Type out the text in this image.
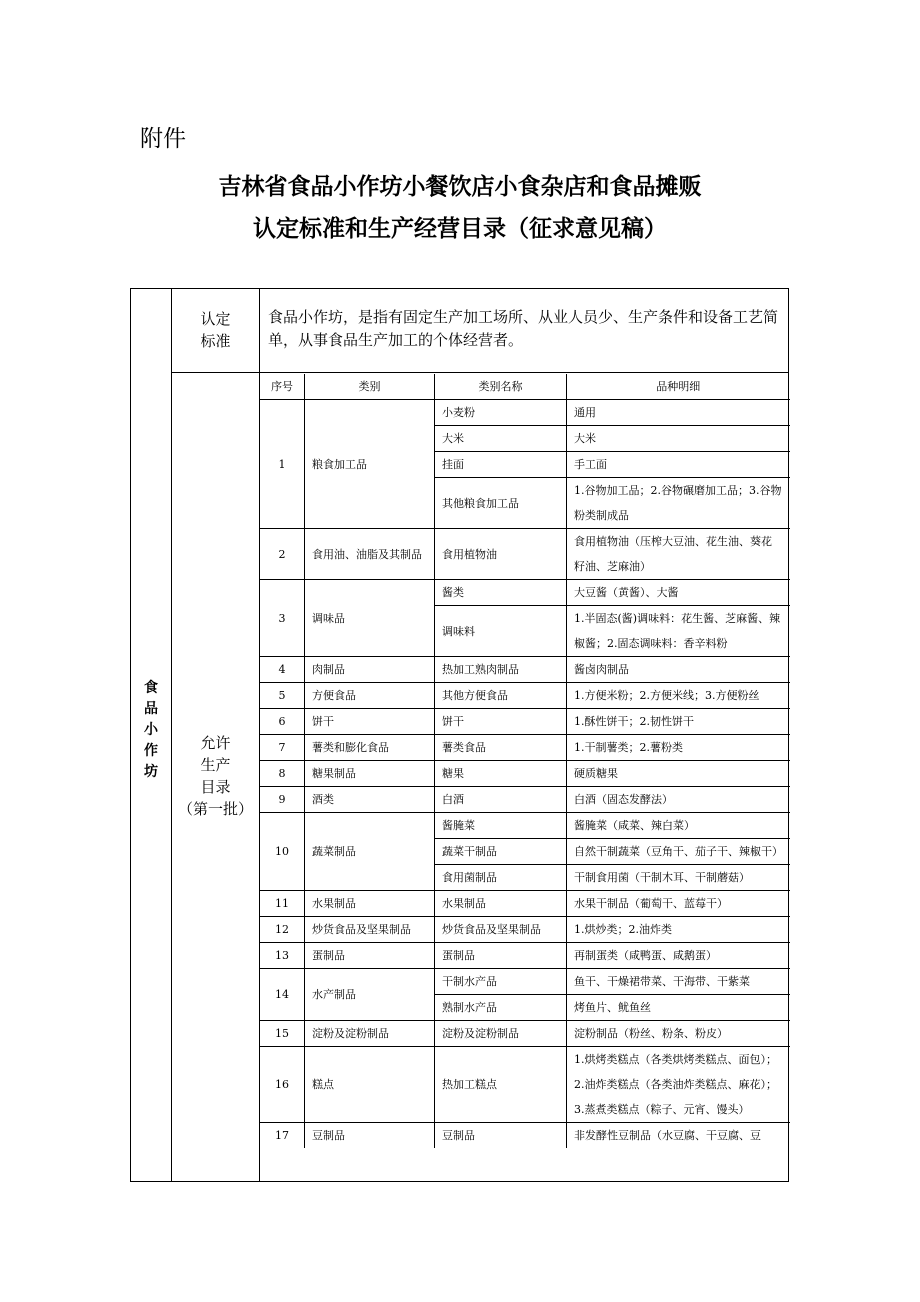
附件
吉林省食品小作坊小餐饮店小食杂店和食品摊贩
认定标准和生产经营目录（征求意见稿）
食
品
小
作
坊
认定
标准
食品小作坊，是指有固定生产加工场所、从业人员少、生产条件和设备工艺简单，从事食品生产加工的个体经营者。
允许
生产
目录
（第一批）
序号	类别	类别名称	品种明细
1	粮食加工品	小麦粉	通用
		大米	大米
		挂面	手工面
		其他粮食加工品	1.谷物加工品；2.谷物碾磨加工品；3.谷物粉类制成品
2	食用油、油脂及其制品	食用植物油	食用植物油（压榨大豆油、花生油、葵花籽油、芝麻油）
3	调味品	酱类	大豆酱（黄酱）、大酱
		调味料	1.半固态(酱)调味料：花生酱、芝麻酱、辣椒酱；2.固态调味料：香辛料粉
4	肉制品	热加工熟肉制品	酱卤肉制品
5	方便食品	其他方便食品	1.方便米粉；2.方便米线；3.方便粉丝
6	饼干	饼干	1.酥性饼干；2.韧性饼干
7	薯类和膨化食品	薯类食品	1.干制薯类；2.薯粉类
8	糖果制品	糖果	硬质糖果
9	酒类	白酒	白酒（固态发酵法）
10	蔬菜制品	酱腌菜	酱腌菜（咸菜、辣白菜）
		蔬菜干制品	自然干制蔬菜（豆角干、茄子干、辣椒干）
		食用菌制品	干制食用菌（干制木耳、干制蘑菇）
11	水果制品	水果制品	水果干制品（葡萄干、蓝莓干）
12	炒货食品及坚果制品	炒货食品及坚果制品	1.烘炒类；2.油炸类
13	蛋制品	蛋制品	再制蛋类（咸鸭蛋、咸鹅蛋）
14	水产制品	干制水产品	鱼干、干燥裙带菜、干海带、干紫菜
		熟制水产品	烤鱼片、鱿鱼丝
15	淀粉及淀粉制品	淀粉及淀粉制品	淀粉制品（粉丝、粉条、粉皮）
16	糕点	热加工糕点	1.烘烤类糕点（各类烘烤类糕点、面包）；2.油炸类糕点（各类油炸类糕点、麻花）；3.蒸煮类糕点（粽子、元宵、馒头）
17	豆制品	豆制品	非发酵性豆制品（水豆腐、干豆腐、豆
